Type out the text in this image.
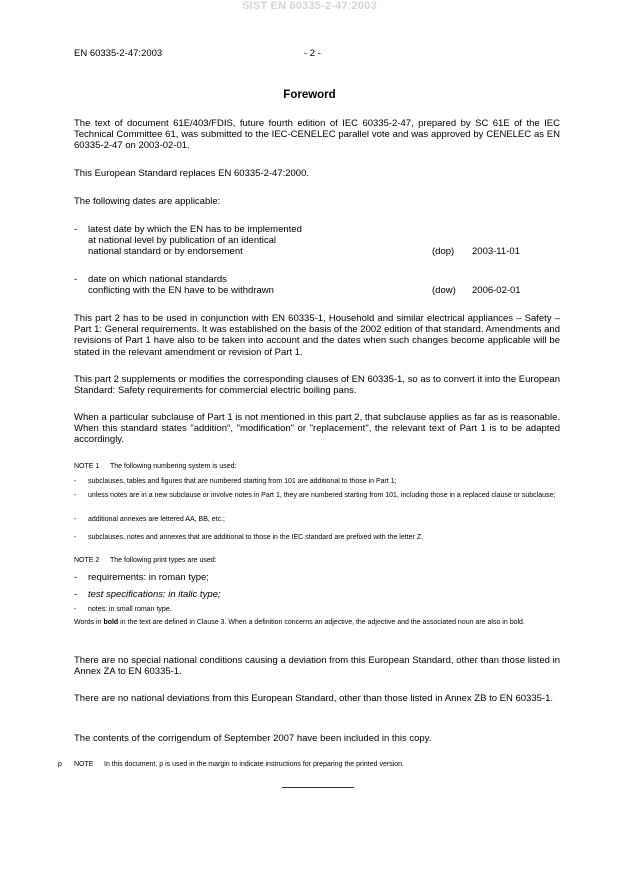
SIST EN 60335-2-47:2003
EN 60335-2-47:2003	- 2 -
Foreword

The text of document 61E/403/FDIS, future fourth edition of IEC 60335-2-47, prepared by SC 61E of the IEC Technical Committee 61, was submitted to the IEC-CENELEC parallel vote and was approved by CENELEC as EN 60335-2-47 on 2003-02-01.

This European Standard replaces EN 60335-2-47:2000.

The following dates are applicable:

- latest date by which the EN has to be implemented
at national level by publication of an identical
national standard or by endorsement	(dop) 2003-11-01
- date on which national standards
conflicting with the EN have to be withdrawn	(dow) 2006-02-01

This part 2 has to be used in conjunction with EN 60335-1, Household and similar electrical appliances – Safety – Part 1: General requirements. It was established on the basis of the 2002 edition of that standard. Amendments and revisions of Part 1 have also to be taken into account and the dates when such changes become applicable will be stated in the relevant amendment or revision of Part 1.

This part 2 supplements or modifies the corresponding clauses of EN 60335-1, so as to convert it into the European Standard: Safety requirements for commercial electric boiling pans.

When a particular subclause of Part 1 is not mentioned in this part 2, that subclause applies as far as is reasonable. When this standard states "addition", "modification" or "replacement", the relevant text of Part 1 is to be adapted accordingly.

NOTE 1 The following numbering system is used:
- subclauses, tables and figures that are numbered starting from 101 are additional to those in Part 1;
- unless notes are in a new subclause or involve notes in Part 1, they are numbered starting from 101, including those in a replaced clause or subclause;
- additional annexes are lettered AA, BB, etc.;
- subclauses, notes and annexes that are additional to those in the IEC standard are prefixed with the letter Z.
NOTE 2 The following print types are used:
- requirements: in roman type;
- test specifications: in italic type;
- notes: in small roman type.
Words in bold in the text are defined in Clause 3. When a definition concerns an adjective, the adjective and the associated noun are also in bold.

There are no special national conditions causing a deviation from this European Standard, other than those listed in Annex ZA to EN 60335-1.

There are no national deviations from this European Standard, other than those listed in Annex ZB to EN 60335-1.

The contents of the corrigendum of September 2007 have been included in this copy.

p NOTE In this document, p is used in the margin to indicate instructions for preparing the printed version.
